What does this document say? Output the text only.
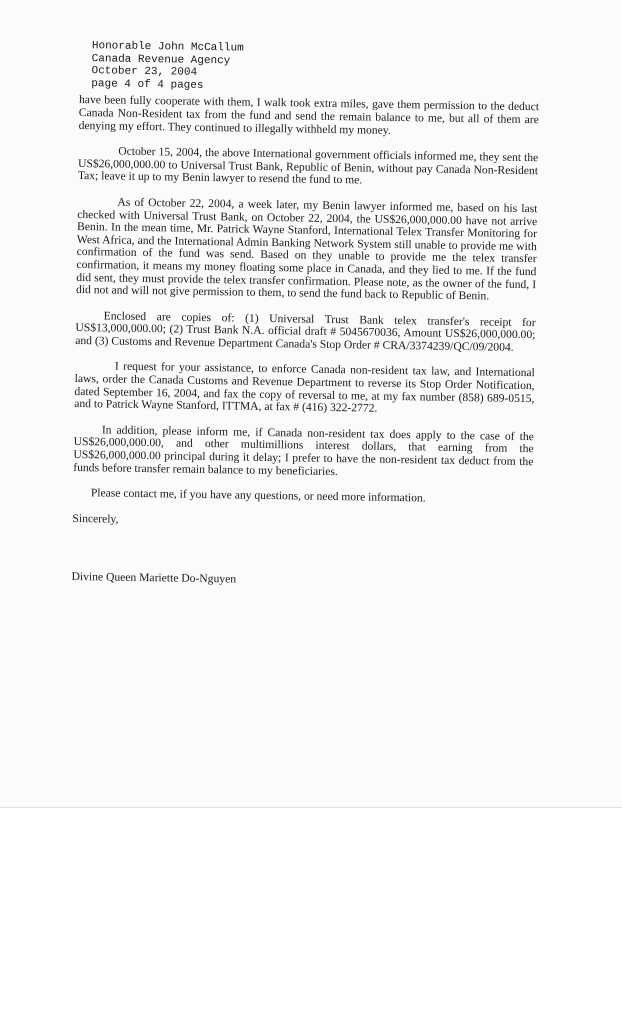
Honorable John McCallum
Canada Revenue Agency
October 23, 2004
page 4 of 4 pages

have been fully cooperate with them, I walk took extra miles, gave them permission to the deduct Canada Non-Resident tax from the fund and send the remain balance to me, but all of them are denying my effort. They continued to illegally withheld my money.

October 15, 2004, the above International government officials informed me, they sent the US$26,000,000.00 to Universal Trust Bank, Republic of Benin, without pay Canada Non-Resident Tax; leave it up to my Benin lawyer to resend the fund to me.

As of October 22, 2004, a week later, my Benin lawyer informed me, based on his last checked with Universal Trust Bank, on October 22, 2004, the US$26,000,000.00 have not arrive Benin. In the mean time, Mr. Patrick Wayne Stanford, International Telex Transfer Monitoring for West Africa, and the International Admin Banking Network System still unable to provide me with confirmation of the fund was send. Based on they unable to provide me the telex transfer confirmation, it means my money floating some place in Canada, and they lied to me. If the fund did sent, they must provide the telex transfer confirmation. Please note, as the owner of the fund, I did not and will not give permission to them, to send the fund back to Republic of Benin.

Enclosed are copies of: (1) Universal Trust Bank telex transfer's receipt for US$13,000,000.00; (2) Trust Bank N.A. official draft # 5045670036, Amount US$26,000,000.00; and (3) Customs and Revenue Department Canada's Stop Order # CRA/3374239/QC/09/2004.

I request for your assistance, to enforce Canada non-resident tax law, and International laws, order the Canada Customs and Revenue Department to reverse its Stop Order Notification, dated September 16, 2004, and fax the copy of reversal to me, at my fax number (858) 689-0515, and to Patrick Wayne Stanford, ITTMA, at fax # (416) 322-2772.

In addition, please inform me, if Canada non-resident tax does apply to the case of the US$26,000,000.00, and other multimillions interest dollars, that earning from the US$26,000,000.00 principal during it delay; I prefer to have the non-resident tax deduct from the funds before transfer remain balance to my beneficiaries.

Please contact me, if you have any questions, or need more information.

Sincerely,

Divine Queen Mariette Do-Nguyen
